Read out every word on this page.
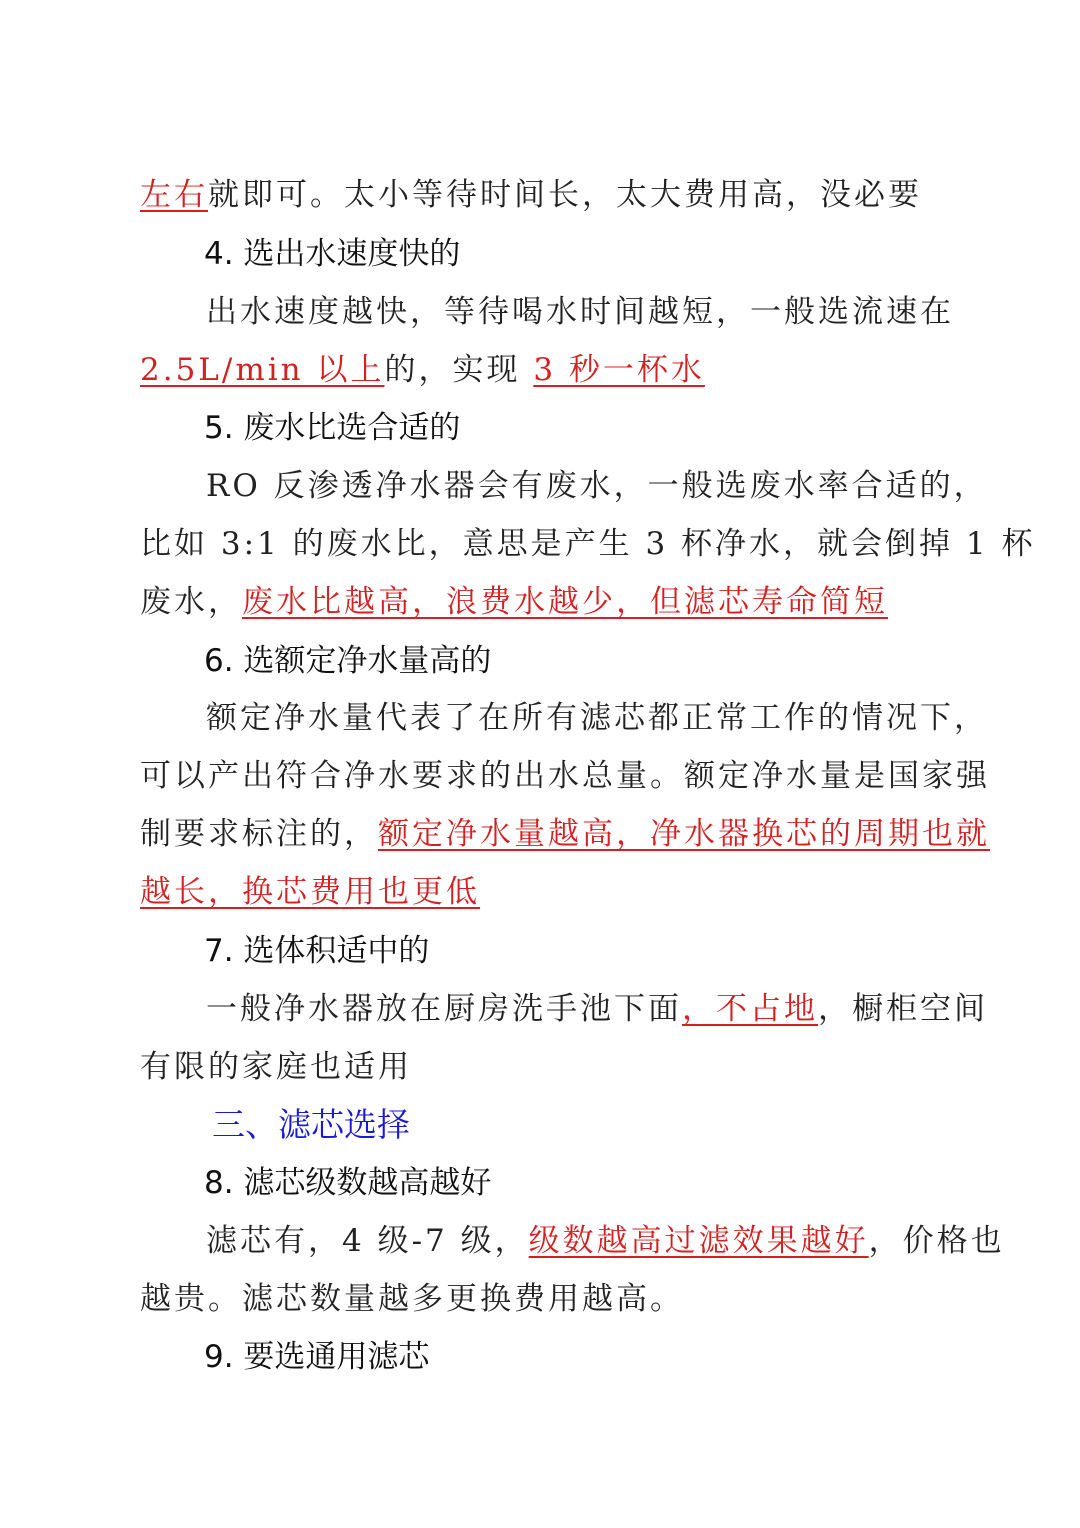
左右就即可。太小等待时间长，太大费用高，没必要
4. 选出水速度快的
出水速度越快，等待喝水时间越短，一般选流速在
2.5L/min 以上的，实现 3 秒一杯水
5. 废水比选合适的
RO 反渗透净水器会有废水，一般选废水率合适的，
比如 3:1 的废水比，意思是产生 3 杯净水，就会倒掉 1 杯
废水，废水比越高，浪费水越少，但滤芯寿命简短
6. 选额定净水量高的
额定净水量代表了在所有滤芯都正常工作的情况下，
可以产出符合净水要求的出水总量。额定净水量是国家强
制要求标注的，额定净水量越高，净水器换芯的周期也就
越长，换芯费用也更低
7. 选体积适中的
一般净水器放在厨房洗手池下面，不占地，橱柜空间
有限的家庭也适用
三、滤芯选择
8. 滤芯级数越高越好
滤芯有，4 级-7 级，级数越高过滤效果越好，价格也
越贵。滤芯数量越多更换费用越高。
9. 要选通用滤芯
